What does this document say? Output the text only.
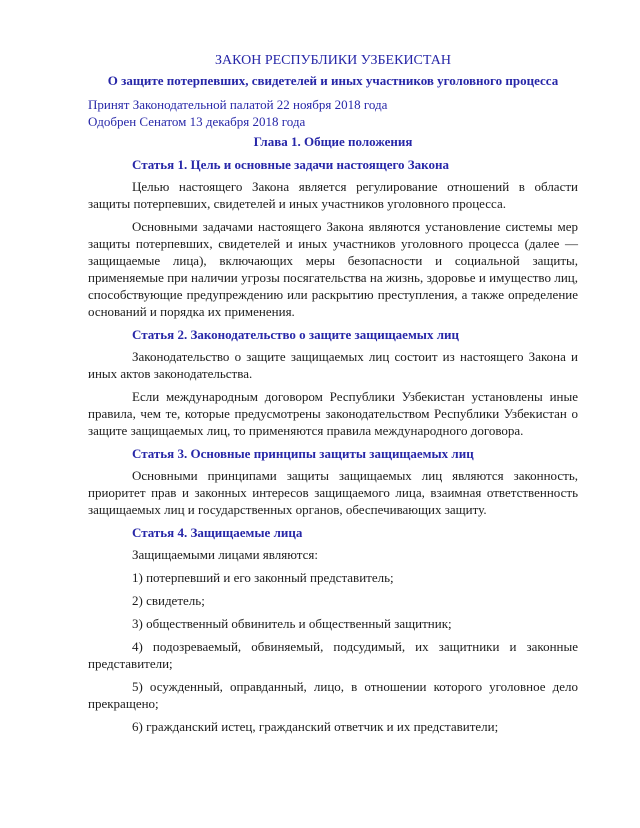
ЗАКОН РЕСПУБЛИКИ УЗБЕКИСТАН
О защите потерпевших, свидетелей и иных участников уголовного процесса
Принят Законодательной палатой 22 ноября 2018 года
Одобрен Сенатом 13 декабря 2018 года
Глава 1. Общие положения
Статья 1. Цель и основные задачи настоящего Закона
Целью настоящего Закона является регулирование отношений в области защиты потерпевших, свидетелей и иных участников уголовного процесса.
Основными задачами настоящего Закона являются установление системы мер защиты потерпевших, свидетелей и иных участников уголовного процесса (далее — защищаемые лица), включающих меры безопасности и социальной защиты, применяемые при наличии угрозы посягательства на жизнь, здоровье и имущество лиц, способствующие предупреждению или раскрытию преступления, а также определение оснований и порядка их применения.
Статья 2. Законодательство о защите защищаемых лиц
Законодательство о защите защищаемых лиц состоит из настоящего Закона и иных актов законодательства.
Если международным договором Республики Узбекистан установлены иные правила, чем те, которые предусмотрены законодательством Республики Узбекистан о защите защищаемых лиц, то применяются правила международного договора.
Статья 3. Основные принципы защиты защищаемых лиц
Основными принципами защиты защищаемых лиц являются законность, приоритет прав и законных интересов защищаемого лица, взаимная ответственность защищаемых лиц и государственных органов, обеспечивающих защиту.
Статья 4. Защищаемые лица
Защищаемыми лицами являются:
1) потерпевший и его законный представитель;
2) свидетель;
3) общественный обвинитель и общественный защитник;
4) подозреваемый, обвиняемый, подсудимый, их защитники и законные представители;
5) осужденный, оправданный, лицо, в отношении которого уголовное дело прекращено;
6) гражданский истец, гражданский ответчик и их представители;
